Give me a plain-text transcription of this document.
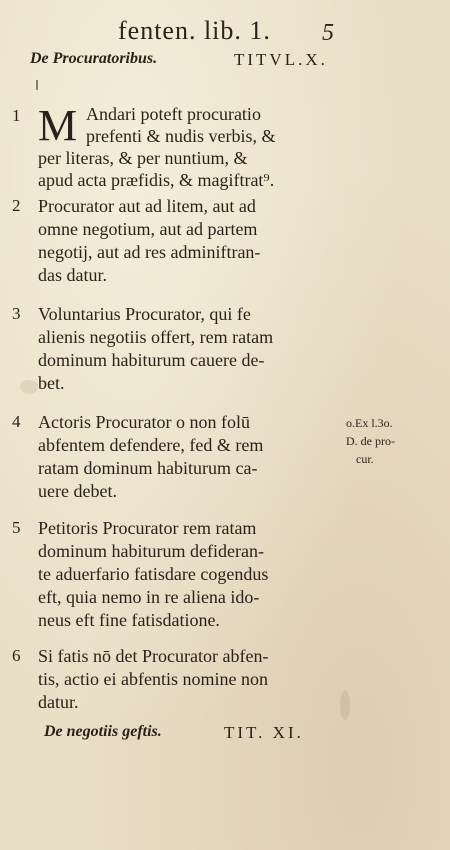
fenten. lib. 1. 5
De Procuratoribus.	TITVL.X.
1 M Andari poteft procuratio
prefenti & nudis verbis, &
per literas, & per nuntium, &
apud acta præfidis, & magiftrat⁹.
2 Procurator aut ad litem, aut ad
omne negotium, aut ad partem
negotij, aut ad res adminiftran-
das datur.
3 Voluntarius Procurator, qui fe
alienis negotiis offert, rem ratam
dominum habiturum cauere de-
bet.
4 Actoris Procurator o non folū
abfentem defendere, fed & rem
ratam dominum habiturum ca-
uere debet.
o.Ex l.3o.
D. de pro-
cur.
5 Petitoris Procurator rem ratam
dominum habiturum defideran-
te aduerfario fatisdare cogendus
eft, quia nemo in re aliena ido-
neus eft fine fatisdatione.
6 Si fatis nō det Procurator abfen-
tis, actio ei abfentis nomine non
datur.
De negotiis geftis.	TIT. XI.
